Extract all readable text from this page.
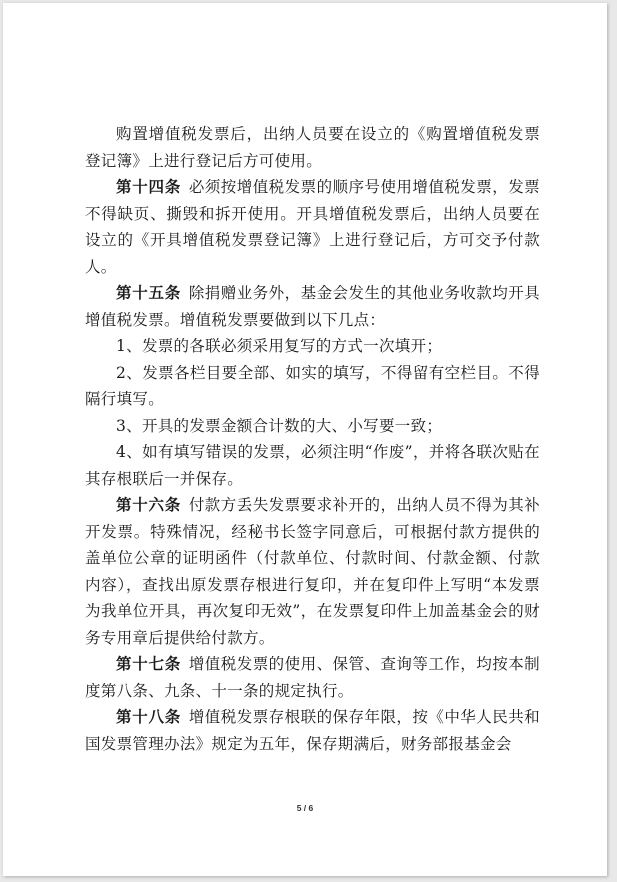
购置增值税发票后，出纳人员要在设立的《购置增值税发票登记簿》上进行登记后方可使用。

第十四条 必须按增值税发票的顺序号使用增值税发票，发票不得缺页、撕毁和拆开使用。开具增值税发票后，出纳人员要在设立的《开具增值税发票登记簿》上进行登记后，方可交予付款人。

第十五条 除捐赠业务外，基金会发生的其他业务收款均开具增值税发票。增值税发票要做到以下几点：

1、发票的各联必须采用复写的方式一次填开；

2、发票各栏目要全部、如实的填写，不得留有空栏目。不得隔行填写。

3、开具的发票金额合计数的大、小写要一致；

4、如有填写错误的发票，必须注明“作废”，并将各联次贴在其存根联后一并保存。

第十六条 付款方丢失发票要求补开的，出纳人员不得为其补开发票。特殊情况，经秘书长签字同意后，可根据付款方提供的盖单位公章的证明函件（付款单位、付款时间、付款金额、付款内容），查找出原发票存根进行复印，并在复印件上写明“本发票为我单位开具，再次复印无效”，在发票复印件上加盖基金会的财务专用章后提供给付款方。

第十七条 增值税发票的使用、保管、查询等工作，均按本制度第八条、九条、十一条的规定执行。

第十八条 增值税发票存根联的保存年限，按《中华人民共和国发票管理办法》规定为五年，保存期满后，财务部报基金会

5 / 6
